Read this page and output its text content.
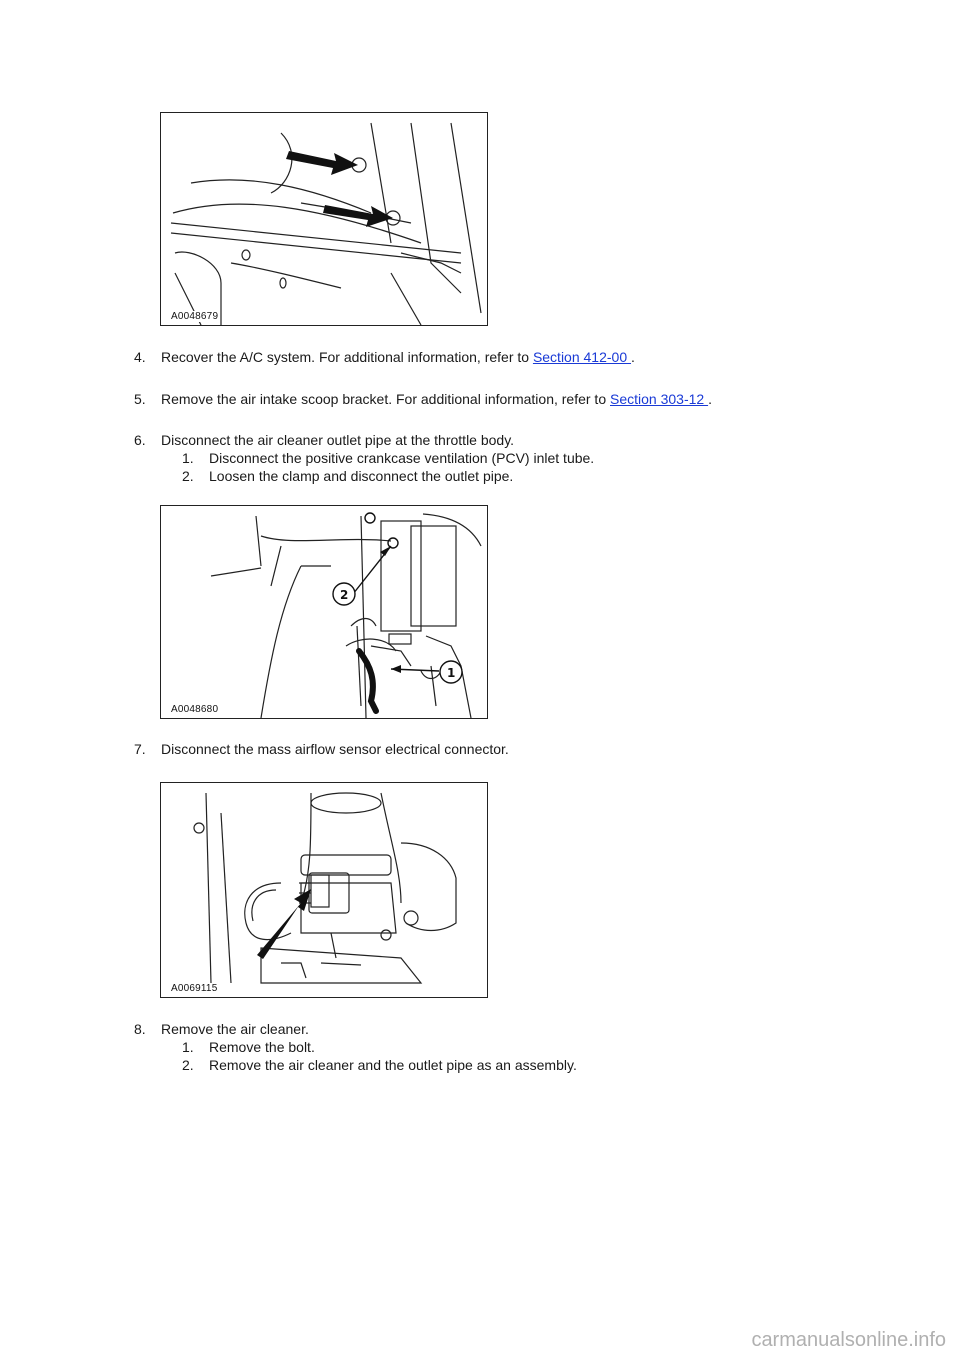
A0048679
4. Recover the A/C system. For additional information, refer to Section 412-00 .
5. Remove the air intake scoop bracket. For additional information, refer to Section 303-12 .
6. Disconnect the air cleaner outlet pipe at the throttle body.
1. Disconnect the positive crankcase ventilation (PCV) inlet tube.
2. Loosen the clamp and disconnect the outlet pipe.
2
1
A0048680
7. Disconnect the mass airflow sensor electrical connector.
A0069115
8. Remove the air cleaner.
1. Remove the bolt.
2. Remove the air cleaner and the outlet pipe as an assembly.
carmanualsonline.info
